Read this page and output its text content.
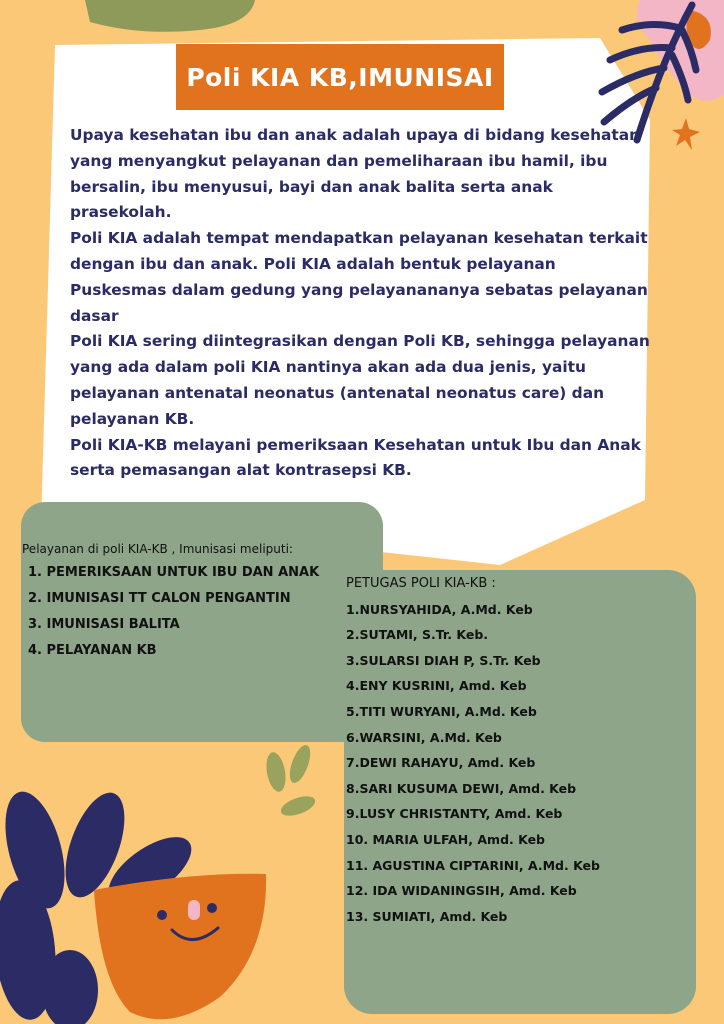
Poli KIA KB,IMUNISAI

Upaya kesehatan ibu dan anak adalah upaya di bidang kesehatan yang menyangkut pelayanan dan pemeliharaan ibu hamil, ibu bersalin, ibu menyusui, bayi dan anak balita serta anak prasekolah.

Poli KIA adalah tempat mendapatkan pelayanan kesehatan terkait dengan ibu dan anak. Poli KIA adalah bentuk pelayanan Puskesmas dalam gedung yang pelayanananya sebatas pelayanan dasar

Poli KIA sering diintegrasikan dengan Poli KB, sehingga pelayanan yang ada dalam poli KIA nantinya akan ada dua jenis, yaitu pelayanan antenatal neonatus (antenatal neonatus care) dan pelayanan KB.

Poli KIA-KB melayani pemeriksaan Kesehatan untuk Ibu dan Anak serta pemasangan alat kontrasepsi KB.

Pelayanan di poli KIA-KB , Imunisasi meliputi:
1. PEMERIKSAAN UNTUK IBU DAN ANAK
2. IMUNISASI TT CALON PENGANTIN
3. IMUNISASI BALITA
4. PELAYANAN KB
PETUGAS POLI KIA-KB :
1.NURSYAHIDA, A.Md. Keb
2.SUTAMI, S.Tr. Keb.
3.SULARSI DIAH P, S.Tr. Keb
4.ENY KUSRINI, Amd. Keb
5.TITI WURYANI, A.Md. Keb
6.WARSINI, A.Md. Keb
7.DEWI RAHAYU, Amd. Keb
8.SARI KUSUMA DEWI, Amd. Keb
9.LUSY CHRISTANTY, Amd. Keb
10. MARIA ULFAH, Amd. Keb
11. AGUSTINA CIPTARINI, A.Md. Keb
12. IDA WIDANINGSIH, Amd. Keb
13. SUMIATI, Amd. Keb
